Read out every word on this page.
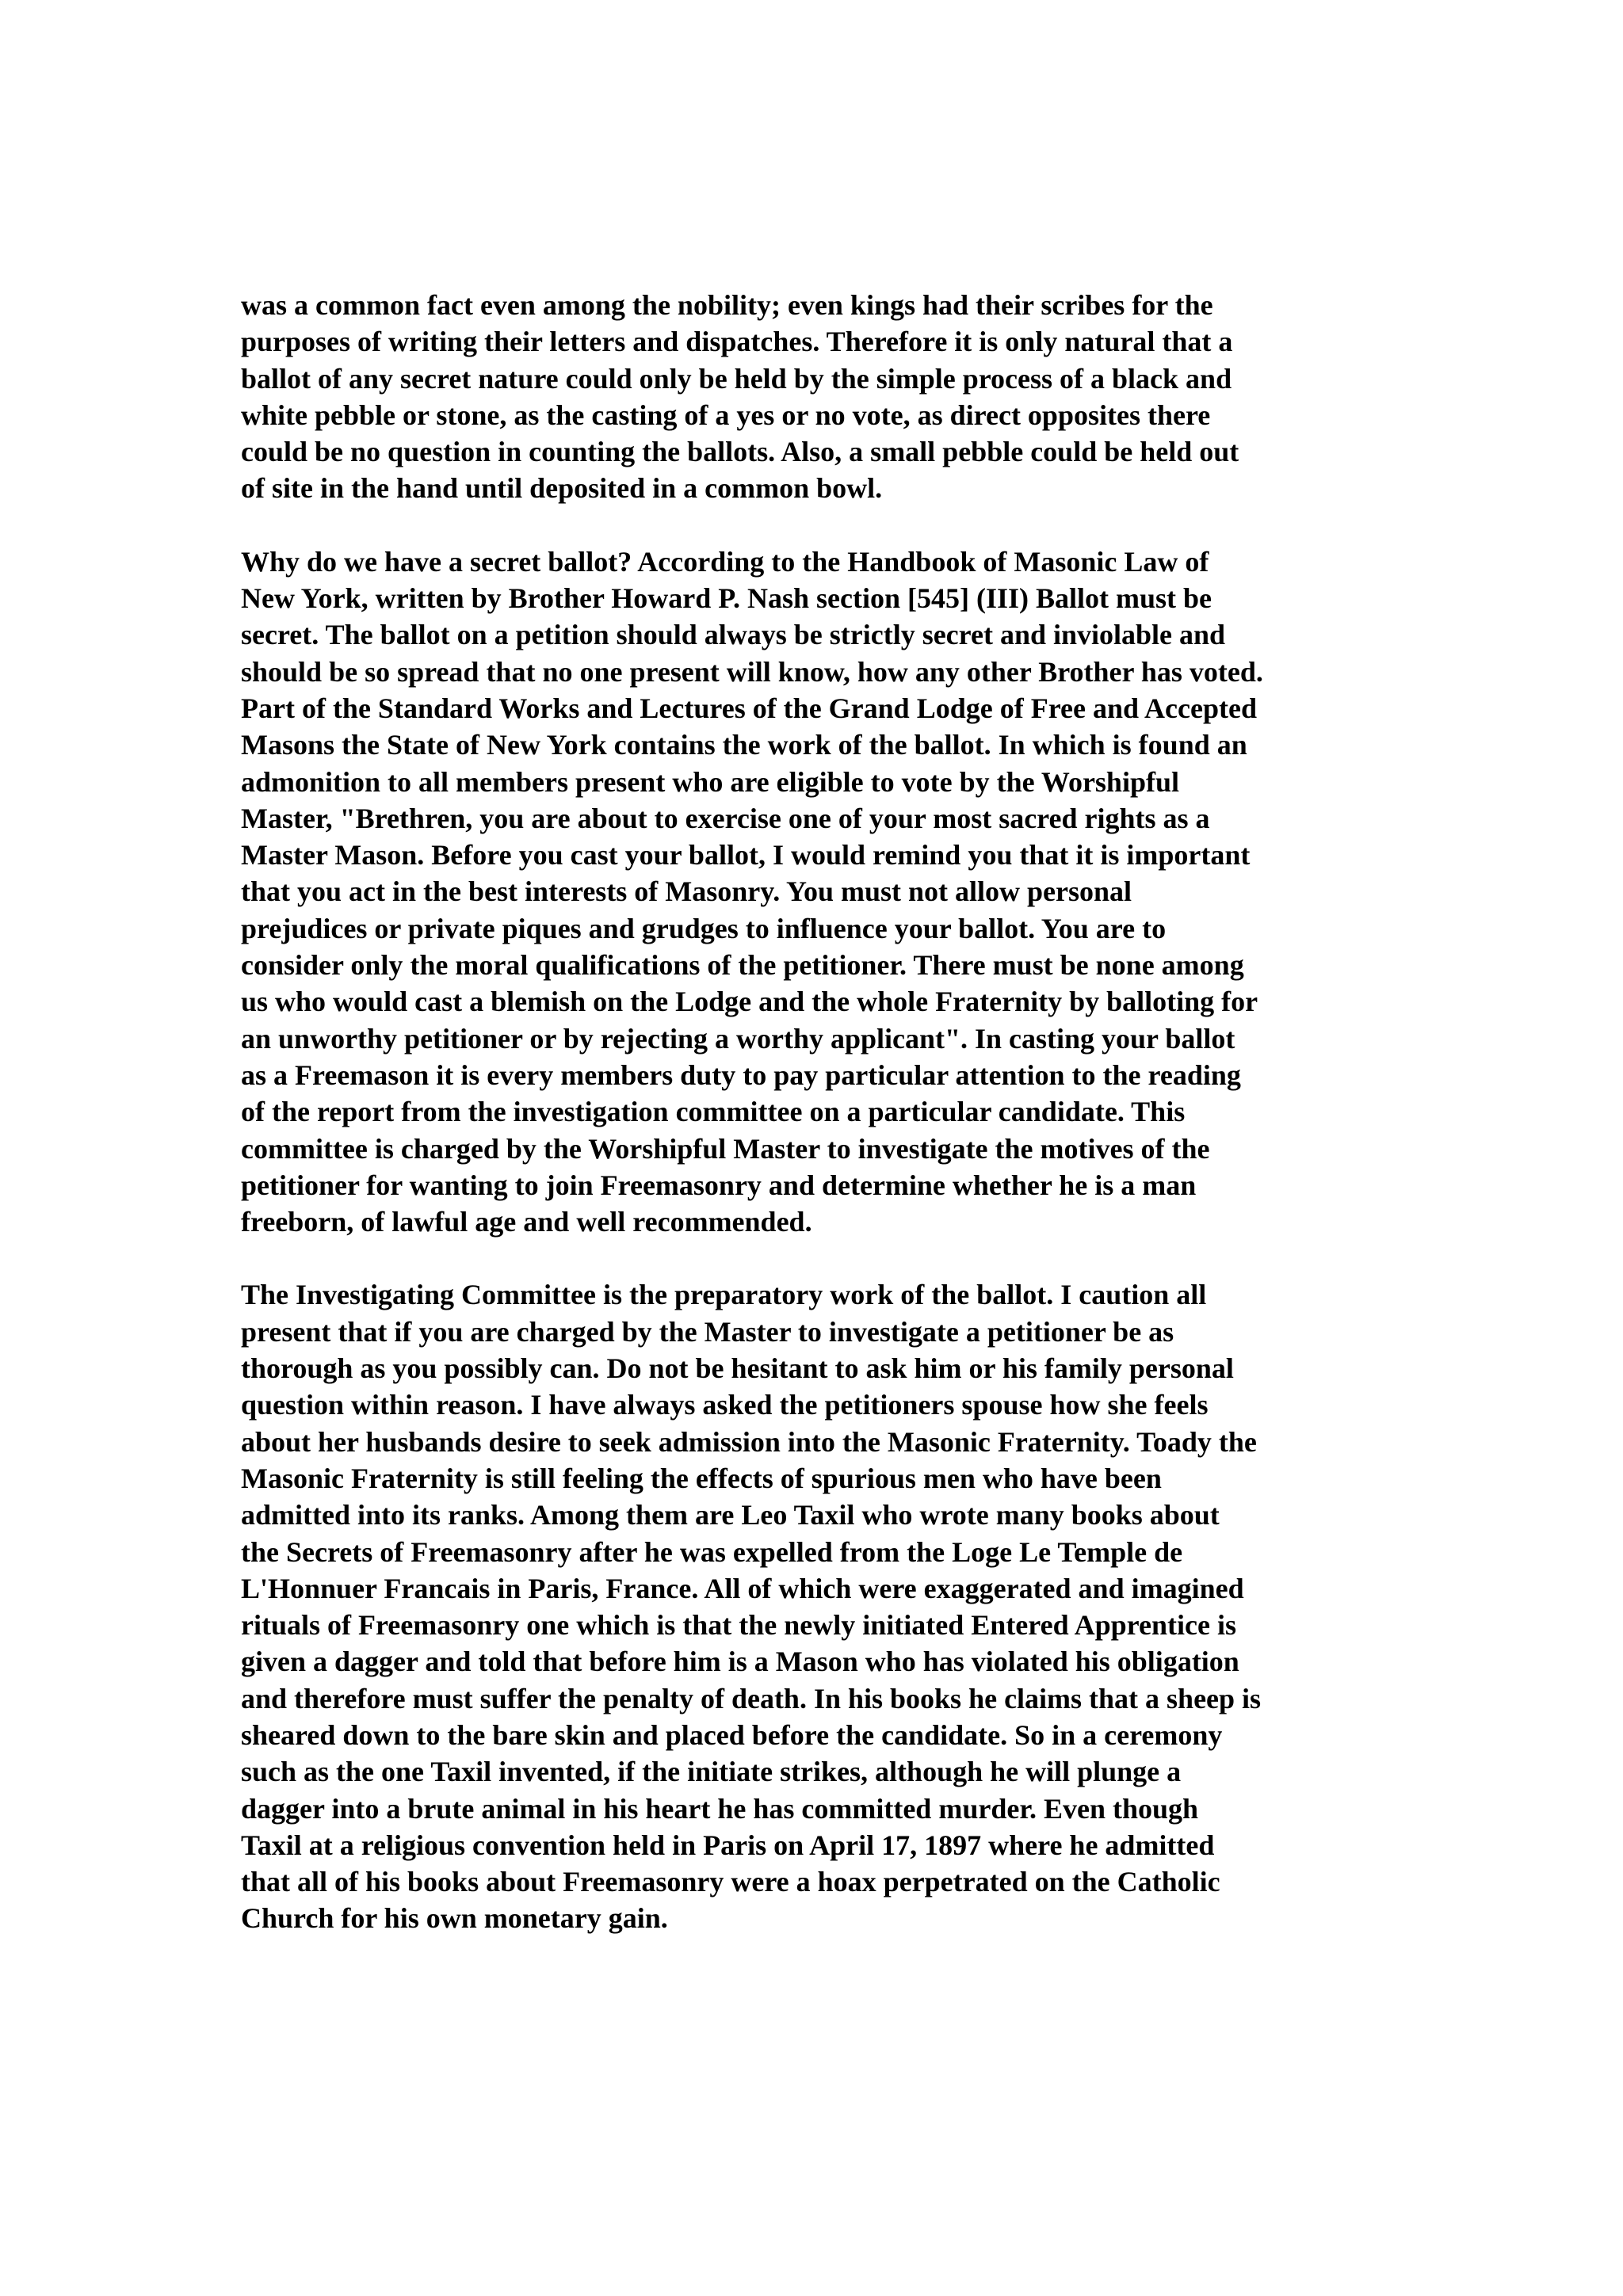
was a common fact even among the nobility; even kings had their scribes for the
purposes of writing their letters and dispatches. Therefore it is only natural that a
ballot of any secret nature could only be held by the simple process of a black and
white pebble or stone, as the casting of a yes or no vote, as direct opposites there
could be no question in counting the ballots. Also, a small pebble could be held out
of site in the hand until deposited in a common bowl.

Why do we have a secret ballot? According to the Handbook of Masonic Law of
New York, written by Brother Howard P. Nash section [545] (III) Ballot must be
secret. The ballot on a petition should always be strictly secret and inviolable and
should be so spread that no one present will know, how any other Brother has voted.
Part of the Standard Works and Lectures of the Grand Lodge of Free and Accepted
Masons the State of New York contains the work of the ballot. In which is found an
admonition to all members present who are eligible to vote by the Worshipful
Master, "Brethren, you are about to exercise one of your most sacred rights as a
Master Mason. Before you cast your ballot, I would remind you that it is important
that you act in the best interests of Masonry. You must not allow personal
prejudices or private piques and grudges to influence your ballot. You are to
consider only the moral qualifications of the petitioner. There must be none among
us who would cast a blemish on the Lodge and the whole Fraternity by balloting for
an unworthy petitioner or by rejecting a worthy applicant". In casting your ballot
as a Freemason it is every members duty to pay particular attention to the reading
of the report from the investigation committee on a particular candidate. This
committee is charged by the Worshipful Master to investigate the motives of the
petitioner for wanting to join Freemasonry and determine whether he is a man
freeborn, of lawful age and well recommended.

The Investigating Committee is the preparatory work of the ballot. I caution all
present that if you are charged by the Master to investigate a petitioner be as
thorough as you possibly can. Do not be hesitant to ask him or his family personal
question within reason. I have always asked the petitioners spouse how she feels
about her husbands desire to seek admission into the Masonic Fraternity. Toady the
Masonic Fraternity is still feeling the effects of spurious men who have been
admitted into its ranks. Among them are Leo Taxil who wrote many books about
the Secrets of Freemasonry after he was expelled from the Loge Le Temple de
L'Honnuer Francais in Paris, France. All of which were exaggerated and imagined
rituals of Freemasonry one which is that the newly initiated Entered Apprentice is
given a dagger and told that before him is a Mason who has violated his obligation
and therefore must suffer the penalty of death. In his books he claims that a sheep is
sheared down to the bare skin and placed before the candidate. So in a ceremony
such as the one Taxil invented, if the initiate strikes, although he will plunge a
dagger into a brute animal in his heart he has committed murder. Even though
Taxil at a religious convention held in Paris on April 17, 1897 where he admitted
that all of his books about Freemasonry were a hoax perpetrated on the Catholic
Church for his own monetary gain.
